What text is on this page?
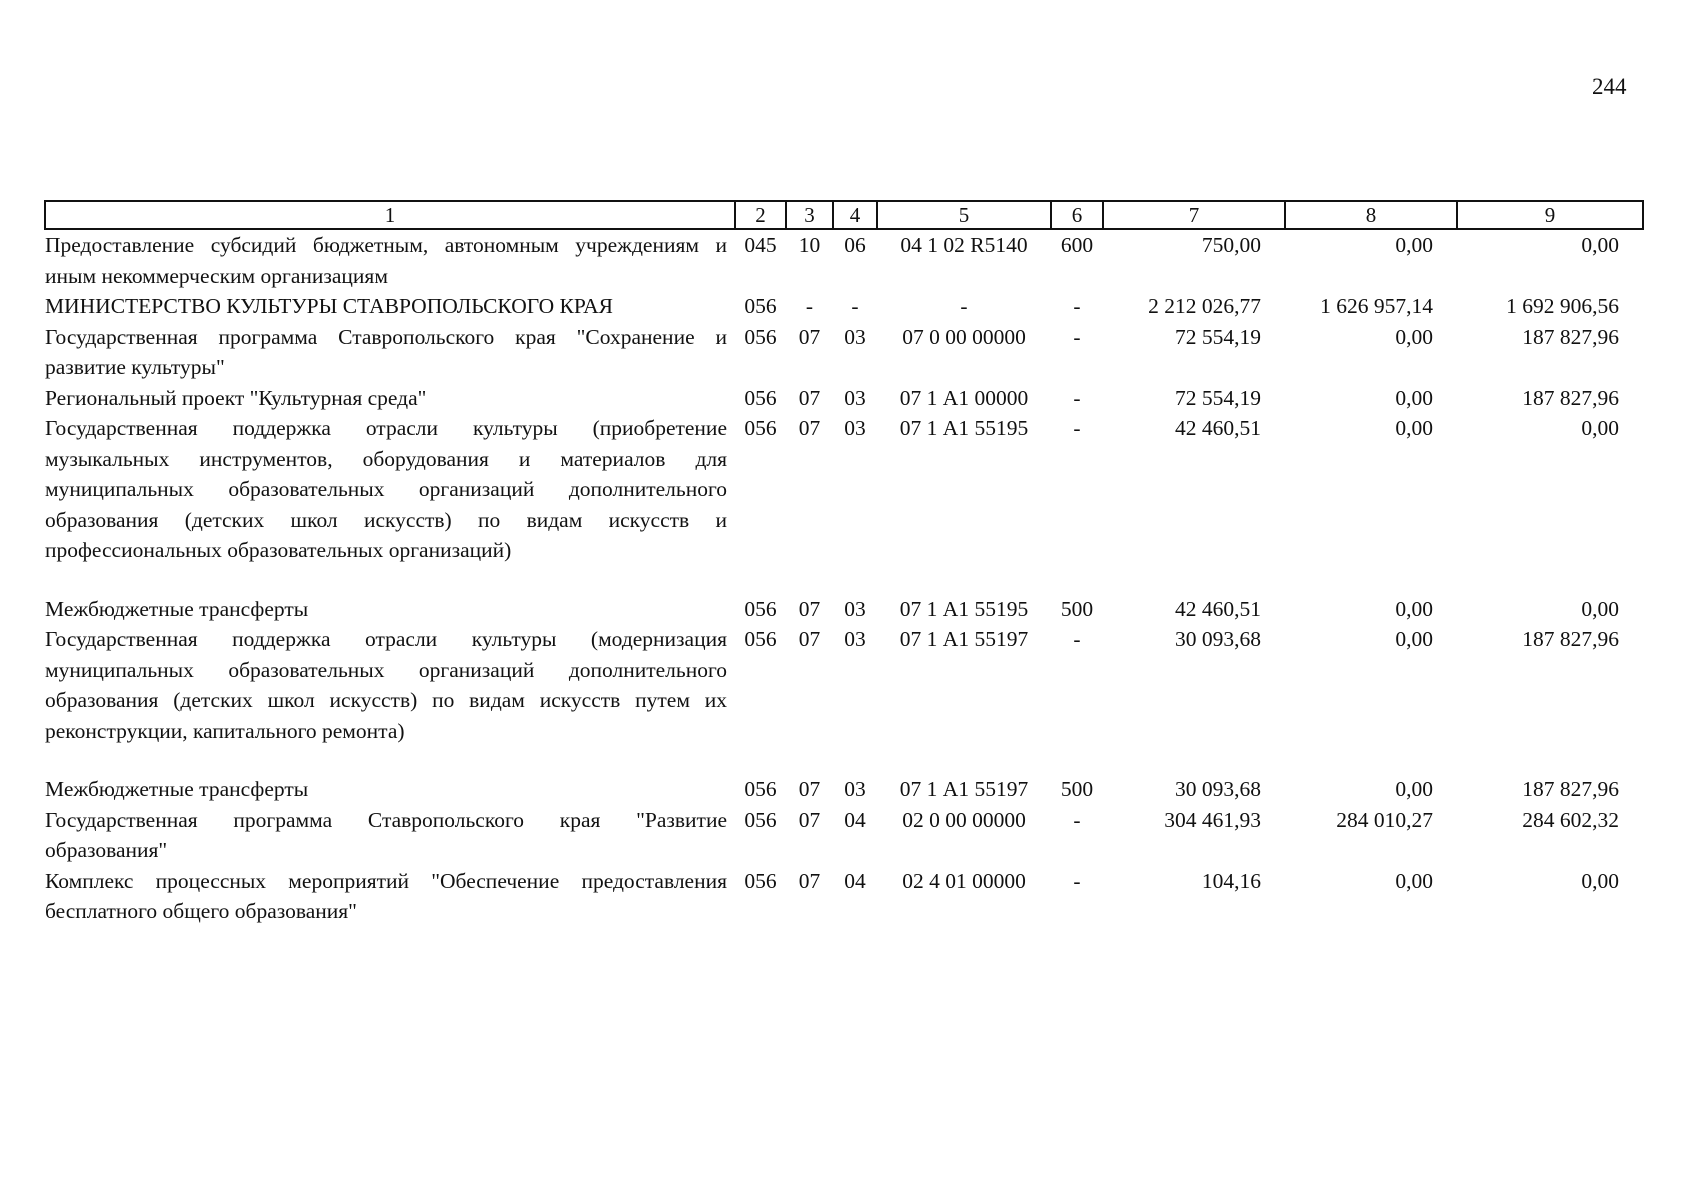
244
1	2	3	4	5	6	7	8	9
Предоставление субсидий бюджетным, автономным учреждениям и иным некоммерческим организациям	045	10	06	04 1 02 R5140	600	750,00	0,00	0,00
МИНИСТЕРСТВО КУЛЬТУРЫ СТАВРОПОЛЬСКОГО КРАЯ	056	-	-	-	-	2 212 026,77	1 626 957,14	1 692 906,56
Государственная программа Ставропольского края "Сохранение и развитие культуры"	056	07	03	07 0 00 00000	-	72 554,19	0,00	187 827,96
Региональный проект "Культурная среда"	056	07	03	07 1 А1 00000	-	72 554,19	0,00	187 827,96
Государственная поддержка отрасли культуры (приобретение музыкальных инструментов, оборудования и материалов для муниципальных образовательных организаций дополнительного образования (детских школ искусств) по видам искусств и профессиональных образовательных организаций)	056	07	03	07 1 А1 55195	-	42 460,51	0,00	0,00
Межбюджетные трансферты	056	07	03	07 1 А1 55195	500	42 460,51	0,00	0,00
Государственная поддержка отрасли культуры (модернизация муниципальных образовательных организаций дополнительного образования (детских школ искусств) по видам искусств путем их реконструкции, капитального ремонта)	056	07	03	07 1 А1 55197	-	30 093,68	0,00	187 827,96
Межбюджетные трансферты	056	07	03	07 1 А1 55197	500	30 093,68	0,00	187 827,96
Государственная программа Ставропольского края "Развитие образования"	056	07	04	02 0 00 00000	-	304 461,93	284 010,27	284 602,32
Комплекс процессных мероприятий "Обеспечение предоставления бесплатного общего образования"	056	07	04	02 4 01 00000	-	104,16	0,00	0,00
